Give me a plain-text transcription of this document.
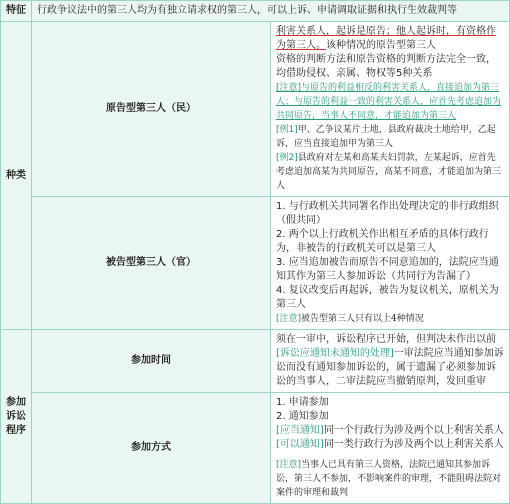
特征	行政争议法中的第三人均为有独立请求权的第三人，可以上诉、申请调取证据和执行生效裁判等	
种类	原告型第三人（民）	利害关系人，起诉是原告；他人起诉时，有资格作为第三人。该种情况的原告型第三人
资格的判断方法和原告资格的判断方法完全一致，均借助侵权、亲属、物权等5种关系
[注意]与原告的利益相反的利害关系人，直接追加为第三人；与原告的利益一致的利害关系人，应首先考虑追加为共同原告，当事人不同意，才能追加为第三人
[例1]甲、乙争议某片土地，县政府裁决土地给甲，乙起诉，应当直接追加甲为第三人
[例2]县政府对左某和高某夫妇罚款，左某起诉，应首先考虑追加高某为共同原告，高某不同意，才能追加为第三人

	被告型第三人（官）	1. 与行政机关共同署名作出处理决定的非行政组织（假共同）
2. 两个以上行政机关作出相互矛盾的具体行政行为，非被告的行政机关可以是第三人
3. 应当追加被告而原告不同意追加的，法院应当通知其作为第三人参加诉讼（共同行为告漏了）
4. 复议改变后再起诉，被告为复议机关，原机关为第三人
[注意]被告型第三人只有以上4种情况

参加诉讼程序	参加时间	须在一审中，诉讼程序已开始，但判决未作出以前
[诉讼应通知未通知的处理]一审法院应当通知参加诉讼而没有通知参加诉讼的，属于遗漏了必须参加诉讼的当事人，二审法院应当撤销原判，发回重审

	参加方式	1. 申请参加
2. 通知参加
[应当通知]同一个行政行为涉及两个以上利害关系人
[可以通知]同一类行政行为涉及两个以上利害关系人
[注意]当事人已具有第三人资格，法院已通知其参加诉讼，第三人不参加，不影响案件的审理，不能阻碍法院对案件的审理和裁判
